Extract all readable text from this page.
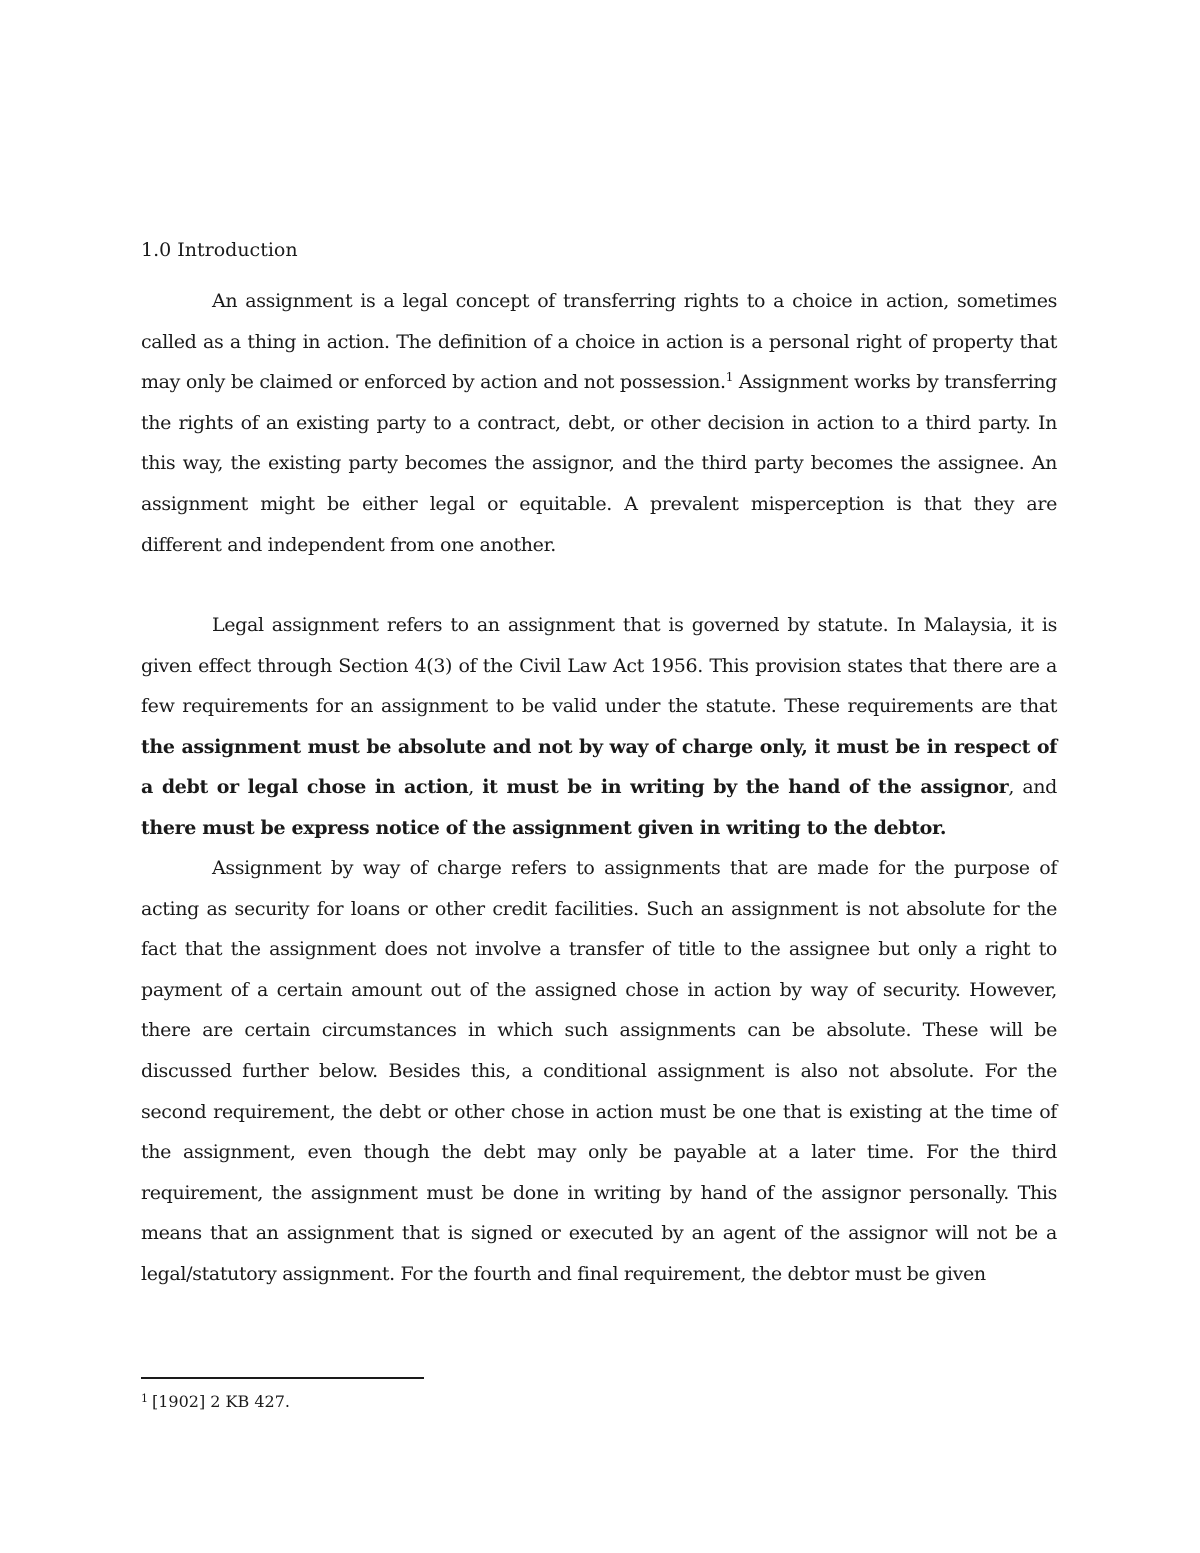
1.0 Introduction

An assignment is a legal concept of transferring rights to a choice in action, sometimes called as a thing in action. The definition of a choice in action is a personal right of property that may only be claimed or enforced by action and not possession.$^1$ Assignment works by transferring the rights of an existing party to a contract, debt, or other decision in action to a third party. In this way, the existing party becomes the assignor, and the third party becomes the assignee. An assignment might be either legal or equitable. A prevalent misperception is that they are different and independent from one another.

Legal assignment refers to an assignment that is governed by statute. In Malaysia, it is given effect through Section 4(3) of the Civil Law Act 1956. This provision states that there are a few requirements for an assignment to be valid under the statute. These requirements are that the assignment must be absolute and not by way of charge only, it must be in respect of a debt or legal chose in action, it must be in writing by the hand of the assignor, and there must be express notice of the assignment given in writing to the debtor.

Assignment by way of charge refers to assignments that are made for the purpose of acting as security for loans or other credit facilities. Such an assignment is not absolute for the fact that the assignment does not involve a transfer of title to the assignee but only a right to payment of a certain amount out of the assigned chose in action by way of security. However, there are certain circumstances in which such assignments can be absolute. These will be discussed further below. Besides this, a conditional assignment is also not absolute. For the second requirement, the debt or other chose in action must be one that is existing at the time of the assignment, even though the debt may only be payable at a later time. For the third requirement, the assignment must be done in writing by hand of the assignor personally. This means that an assignment that is signed or executed by an agent of the assignor will not be a legal/statutory assignment. For the fourth and final requirement, the debtor must be given

$^1$ [1902] 2 KB 427.
